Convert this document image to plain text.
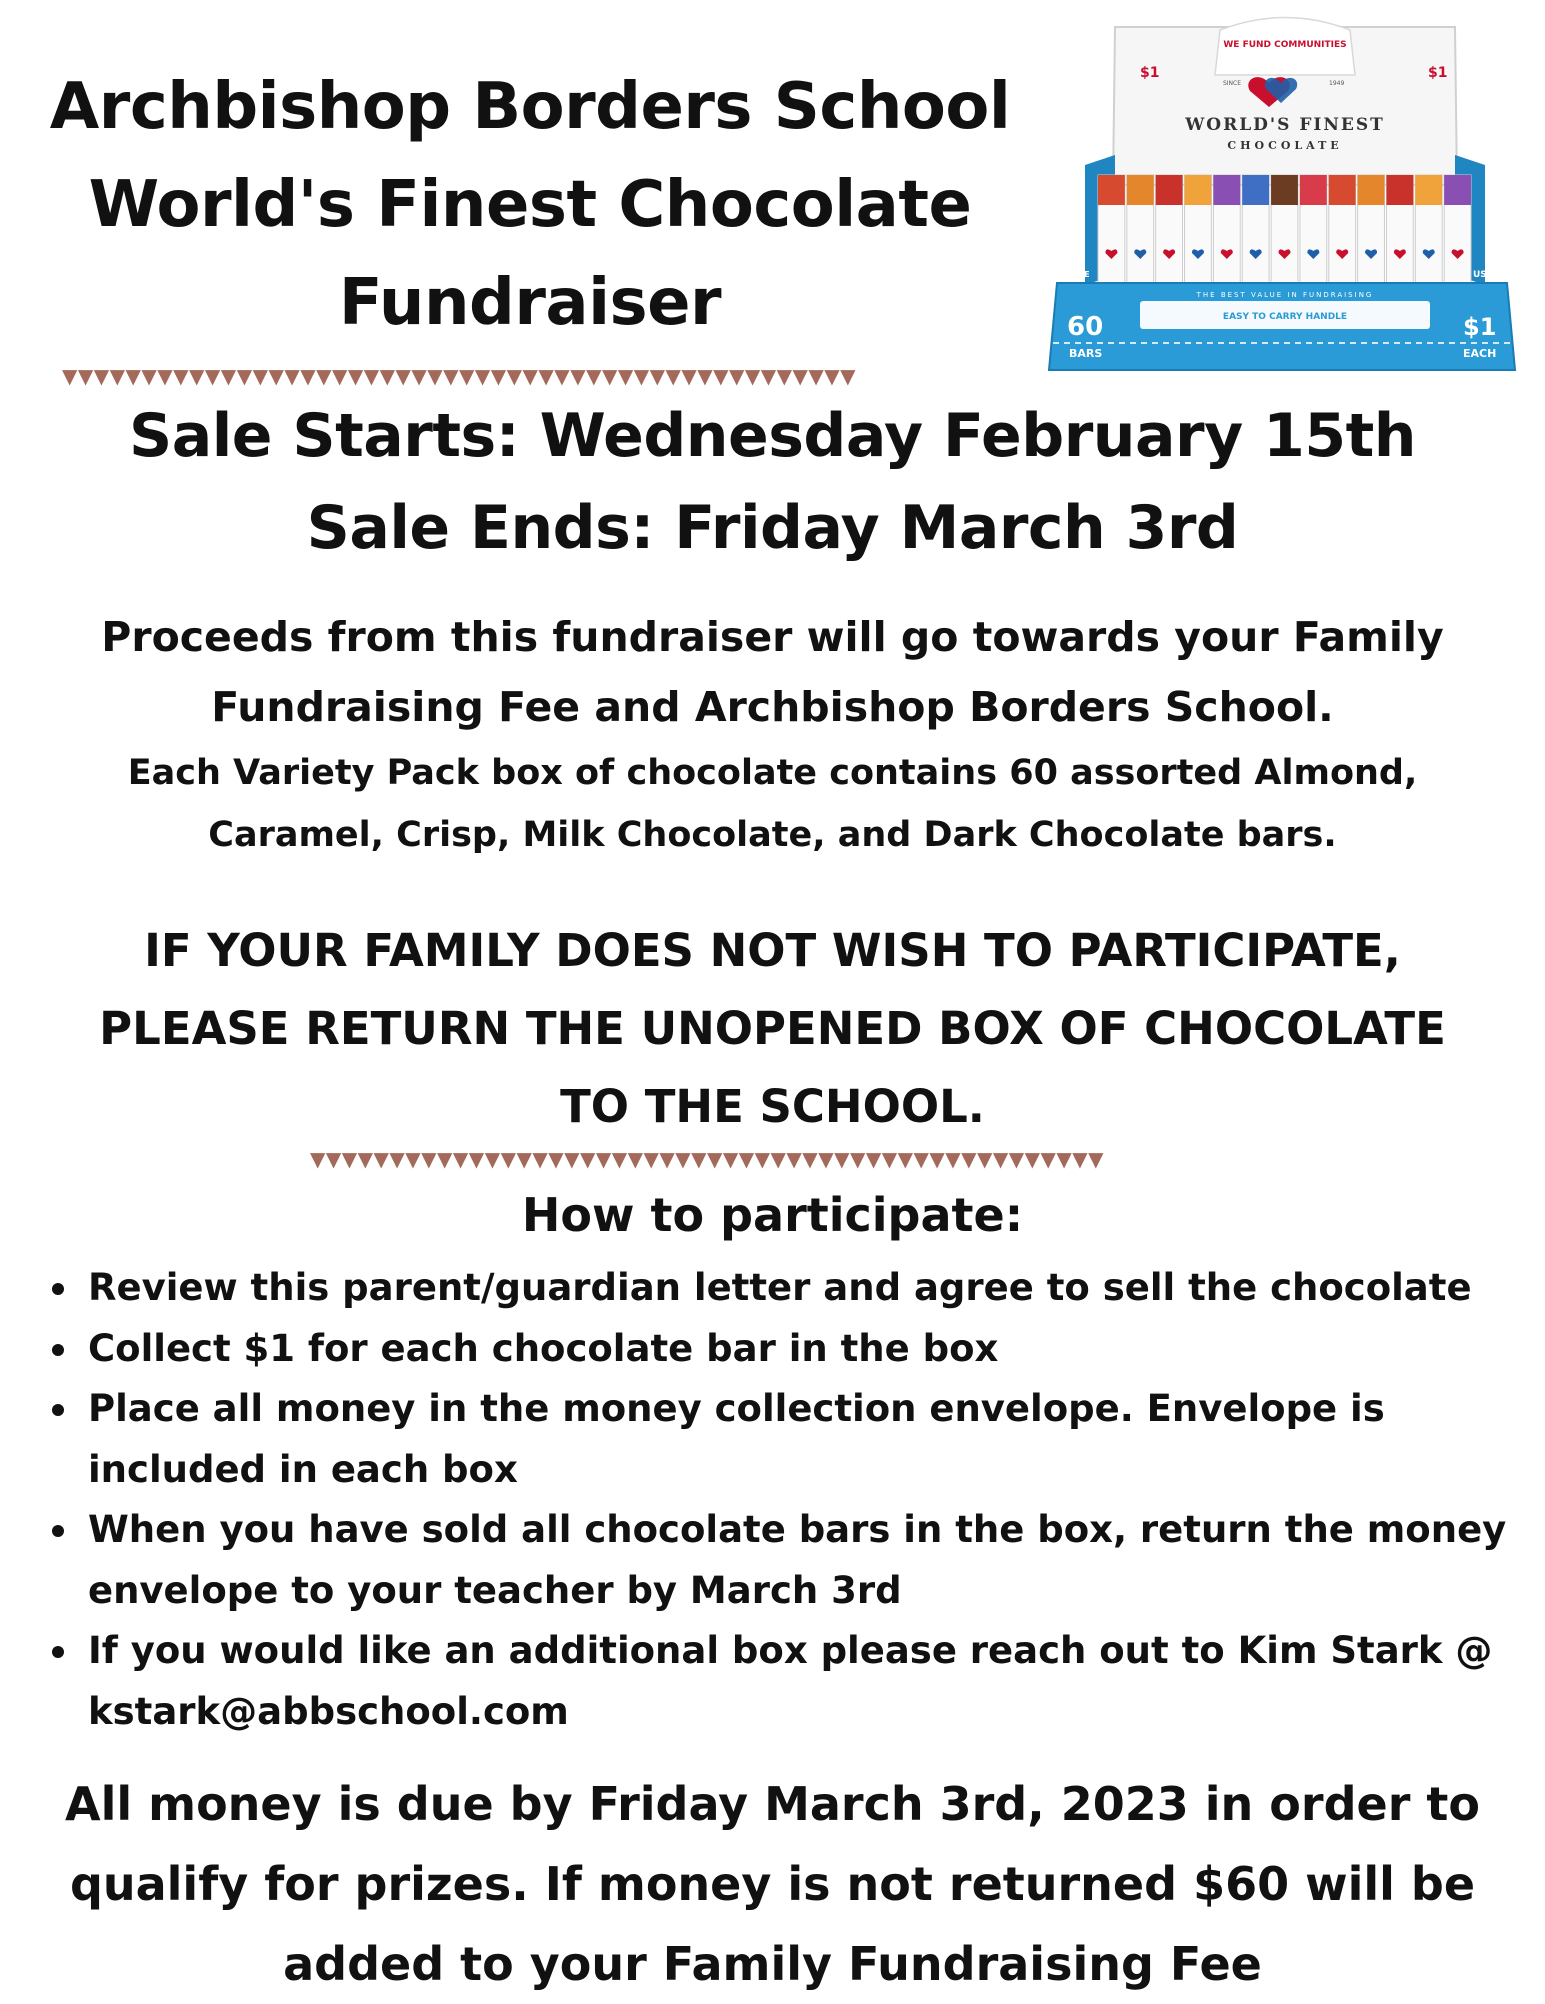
Archbishop Borders School
World's Finest Chocolate
Fundraiser
WE FUND COMMUNITIES
SINCE	1949
WORLD'S FINEST
CHOCOLATE
$1	$1
THE BEST VALUE IN FUNDRAISING
EASY TO CARRY HANDLE
FREE	USA
60
BARS
$1
EACH
▼▼▼▼▼▼▼▼▼▼▼▼▼▼▼▼▼▼▼▼▼▼▼▼▼▼▼▼▼▼▼▼▼▼▼▼▼▼▼▼▼▼▼▼▼▼▼▼▼▼
Sale Starts: Wednesday February 15th
Sale Ends: Friday March 3rd
Proceeds from this fundraiser will go towards your Family
Fundraising Fee and Archbishop Borders School.
Each Variety Pack box of chocolate contains 60 assorted Almond,
Caramel, Crisp, Milk Chocolate, and Dark Chocolate bars.
IF YOUR FAMILY DOES NOT WISH TO PARTICIPATE,
PLEASE RETURN THE UNOPENED BOX OF CHOCOLATE
TO THE SCHOOL.
▼▼▼▼▼▼▼▼▼▼▼▼▼▼▼▼▼▼▼▼▼▼▼▼▼▼▼▼▼▼▼▼▼▼▼▼▼▼▼▼▼▼▼▼▼▼▼▼▼▼
How to participate:
Review this parent/guardian letter and agree to sell the chocolate
Collect $1 for each chocolate bar in the box
Place all money in the money collection envelope. Envelope is included in each box
When you have sold all chocolate bars in the box, return the money envelope to your teacher by March 3rd
If you would like an additional box please reach out to Kim Stark @ kstark@abbschool.com
All money is due by Friday March 3rd, 2023 in order to
qualify for prizes. If money is not returned $60 will be
added to your Family Fundraising Fee
